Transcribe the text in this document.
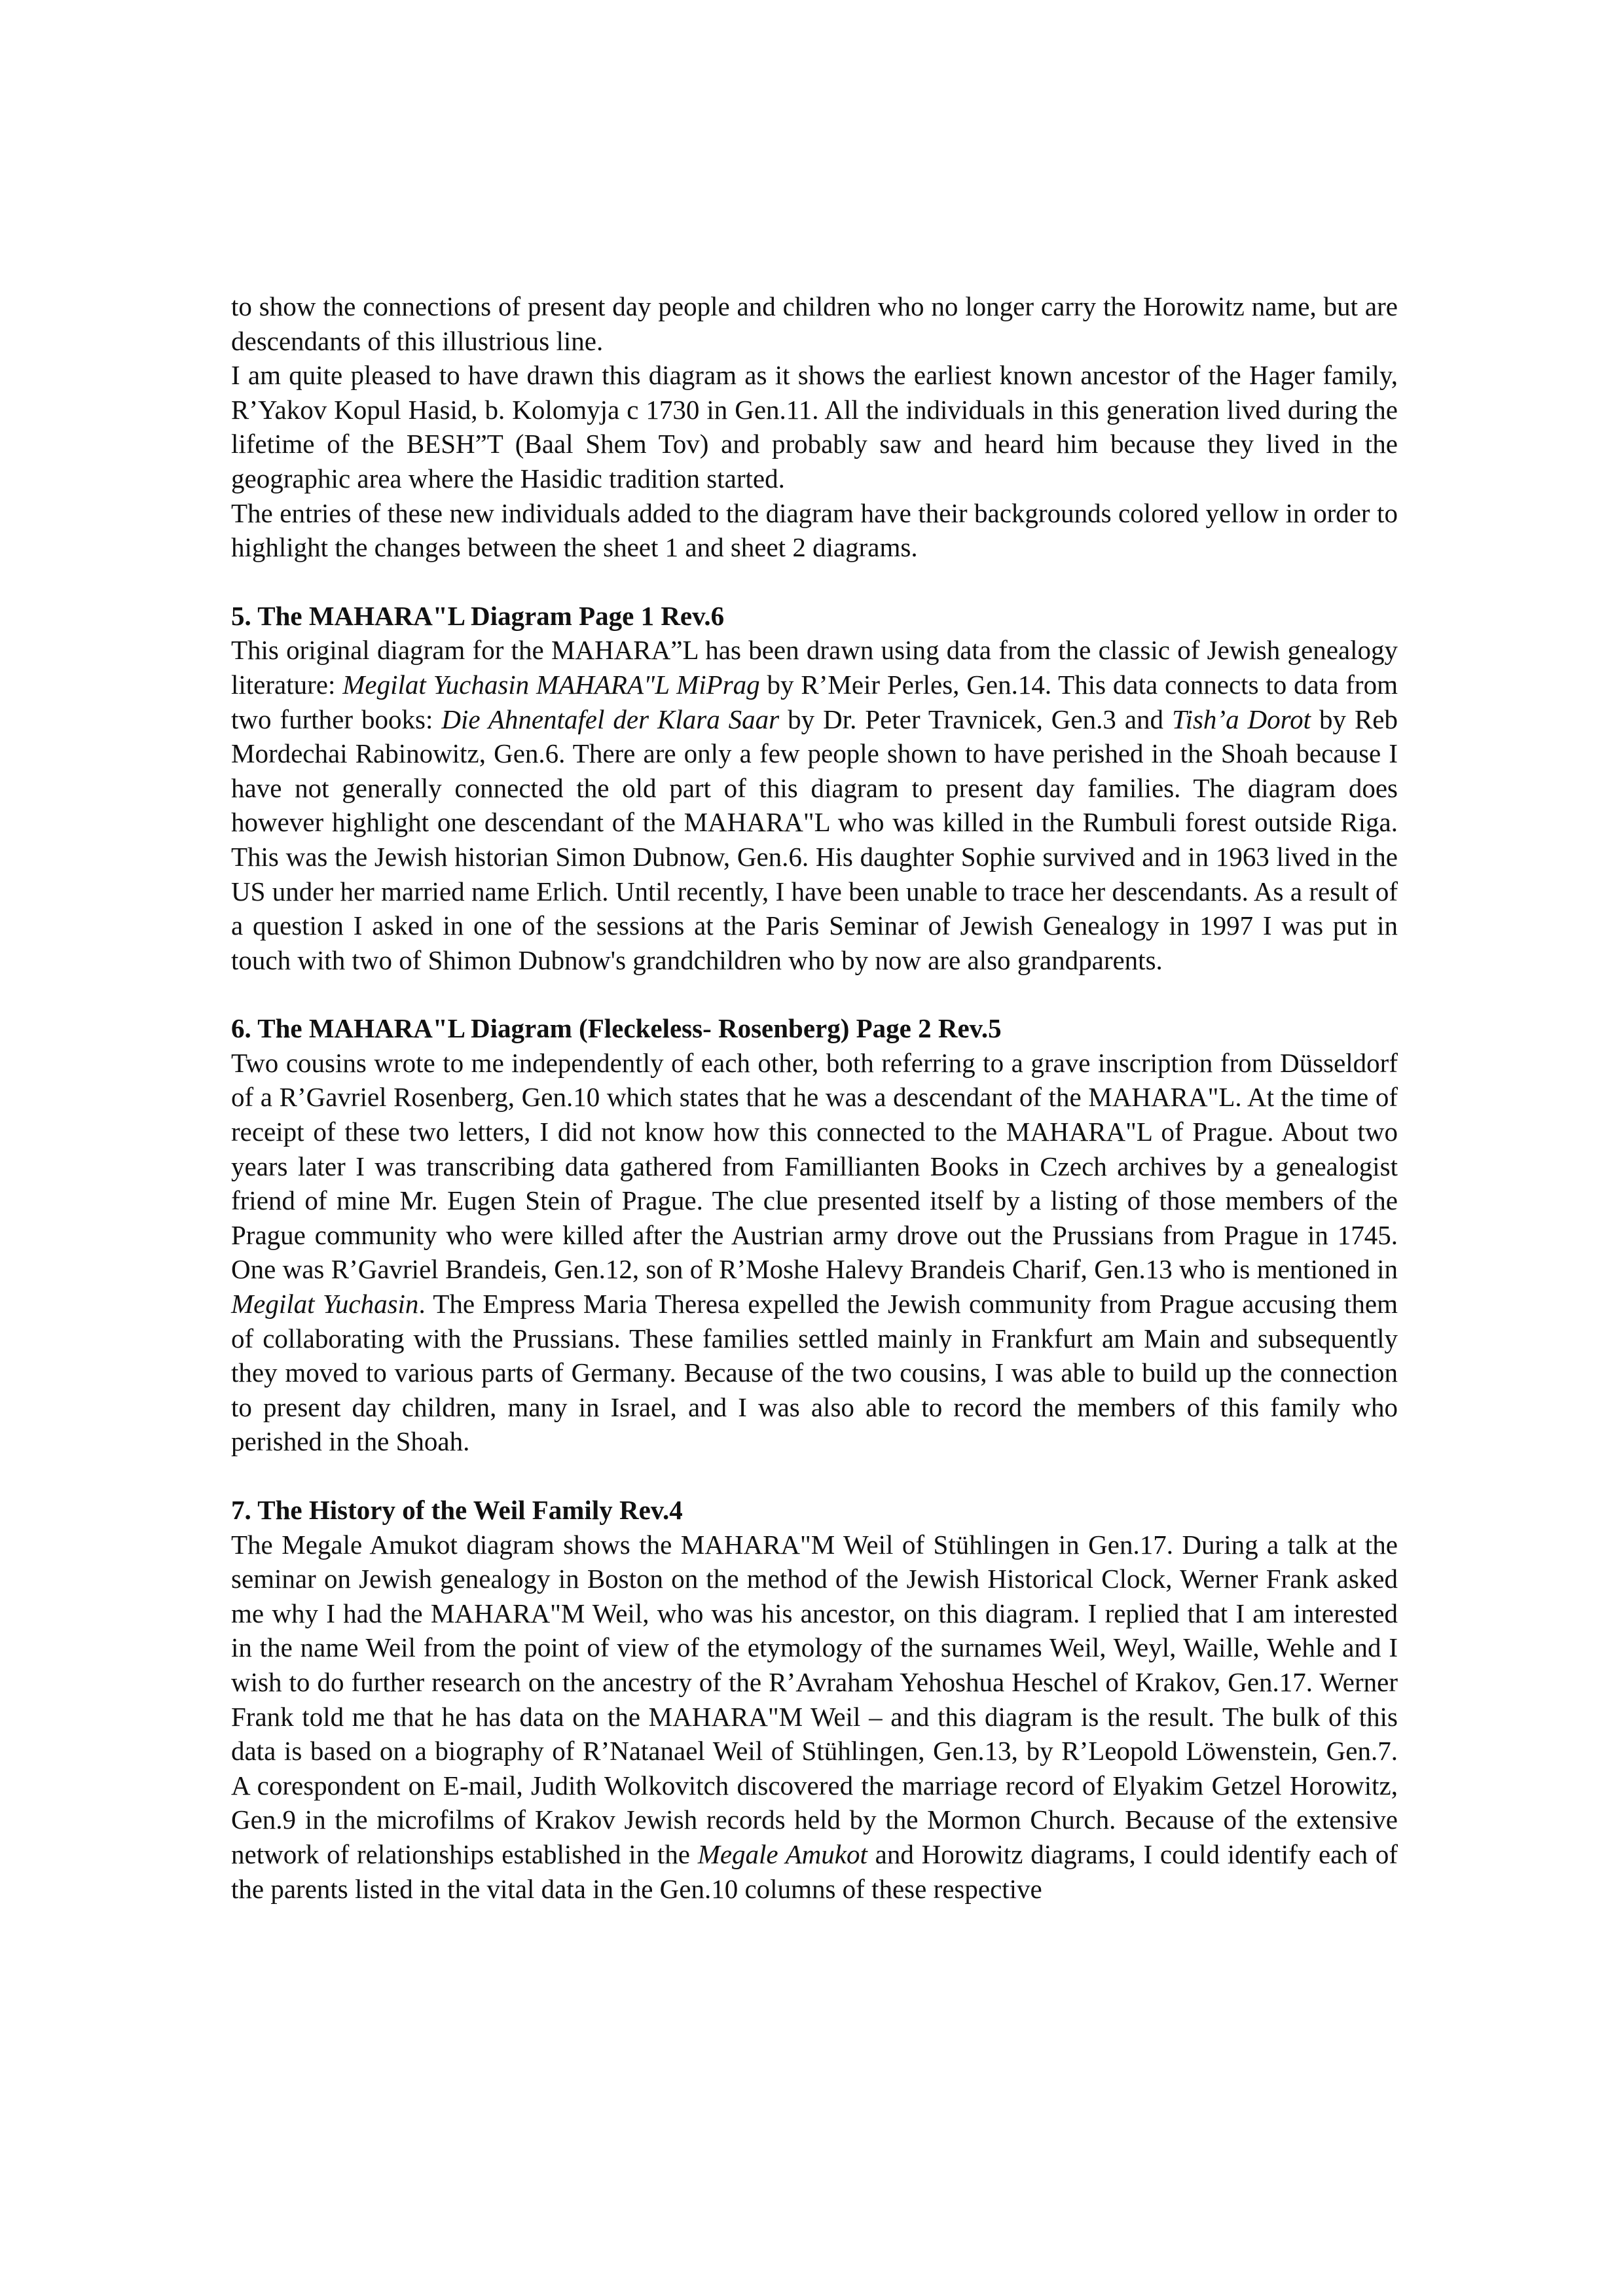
to show the connections of present day people and children who no longer carry the Horowitz name, but are descendants of this illustrious line.

I am quite pleased to have drawn this diagram as it shows the earliest known ancestor of the Hager family, R’Yakov Kopul Hasid, b. Kolomyja c 1730 in Gen.11. All the individuals in this generation lived during the lifetime of the BESH”T (Baal Shem Tov) and probably saw and heard him because they lived in the geographic area where the Hasidic tradition started.

The entries of these new individuals added to the diagram have their backgrounds colored yellow in order to highlight the changes between the sheet 1 and sheet 2 diagrams.

5. The MAHARA"L Diagram Page 1 Rev.6

This original diagram for the MAHARA”L has been drawn using data from the classic of Jewish genealogy literature: Megilat Yuchasin MAHARA"L MiPrag by R’Meir Perles, Gen.14. This data connects to data from two further books: Die Ahnentafel der Klara Saar by Dr. Peter Travnicek, Gen.3 and Tish’a Dorot by Reb Mordechai Rabinowitz, Gen.6. There are only a few people shown to have perished in the Shoah because I have not generally connected the old part of this diagram to present day families. The diagram does however highlight one descendant of the MAHARA"L who was killed in the Rumbuli forest outside Riga. This was the Jewish historian Simon Dubnow, Gen.6. His daughter Sophie survived and in 1963 lived in the US under her married name Erlich. Until recently, I have been unable to trace her descendants. As a result of a question I asked in one of the sessions at the Paris Seminar of Jewish Genealogy in 1997 I was put in touch with two of Shimon Dubnow's grandchildren who by now are also grandparents.

6. The MAHARA"L Diagram (Fleckeless- Rosenberg) Page 2 Rev.5

Two cousins wrote to me independently of each other, both referring to a grave inscription from Düsseldorf of a R’Gavriel Rosenberg, Gen.10 which states that he was a descendant of the MAHARA"L. At the time of receipt of these two letters, I did not know how this connected to the MAHARA"L of Prague. About two years later I was transcribing data gathered from Famillianten Books in Czech archives by a genealogist friend of mine Mr. Eugen Stein of Prague. The clue presented itself by a listing of those members of the Prague community who were killed after the Austrian army drove out the Prussians from Prague in 1745. One was R’Gavriel Brandeis, Gen.12, son of R’Moshe Halevy Brandeis Charif, Gen.13 who is mentioned in Megilat Yuchasin. The Empress Maria Theresa expelled the Jewish community from Prague accusing them of collaborating with the Prussians. These families settled mainly in Frankfurt am Main and subsequently they moved to various parts of Germany. Because of the two cousins, I was able to build up the connection to present day children, many in Israel, and I was also able to record the members of this family who perished in the Shoah.

7. The History of the Weil Family Rev.4

The Megale Amukot diagram shows the MAHARA"M Weil of Stühlingen in Gen.17. During a talk at the seminar on Jewish genealogy in Boston on the method of the Jewish Historical Clock, Werner Frank asked me why I had the MAHARA"M Weil, who was his ancestor, on this diagram. I replied that I am interested in the name Weil from the point of view of the etymology of the surnames Weil, Weyl, Waille, Wehle and I wish to do further research on the ancestry of the R’Avraham Yehoshua Heschel of Krakov, Gen.17. Werner Frank told me that he has data on the MAHARA"M Weil – and this diagram is the result. The bulk of this data is based on a biography of R’Natanael Weil of Stühlingen, Gen.13, by R’Leopold Löwenstein, Gen.7. A corespondent on E-mail, Judith Wolkovitch discovered the marriage record of Elyakim Getzel Horowitz, Gen.9 in the microfilms of Krakov Jewish records held by the Mormon Church. Because of the extensive network of relationships established in the Megale Amukot and Horowitz diagrams, I could identify each of the parents listed in the vital data in the Gen.10 columns of these respective
